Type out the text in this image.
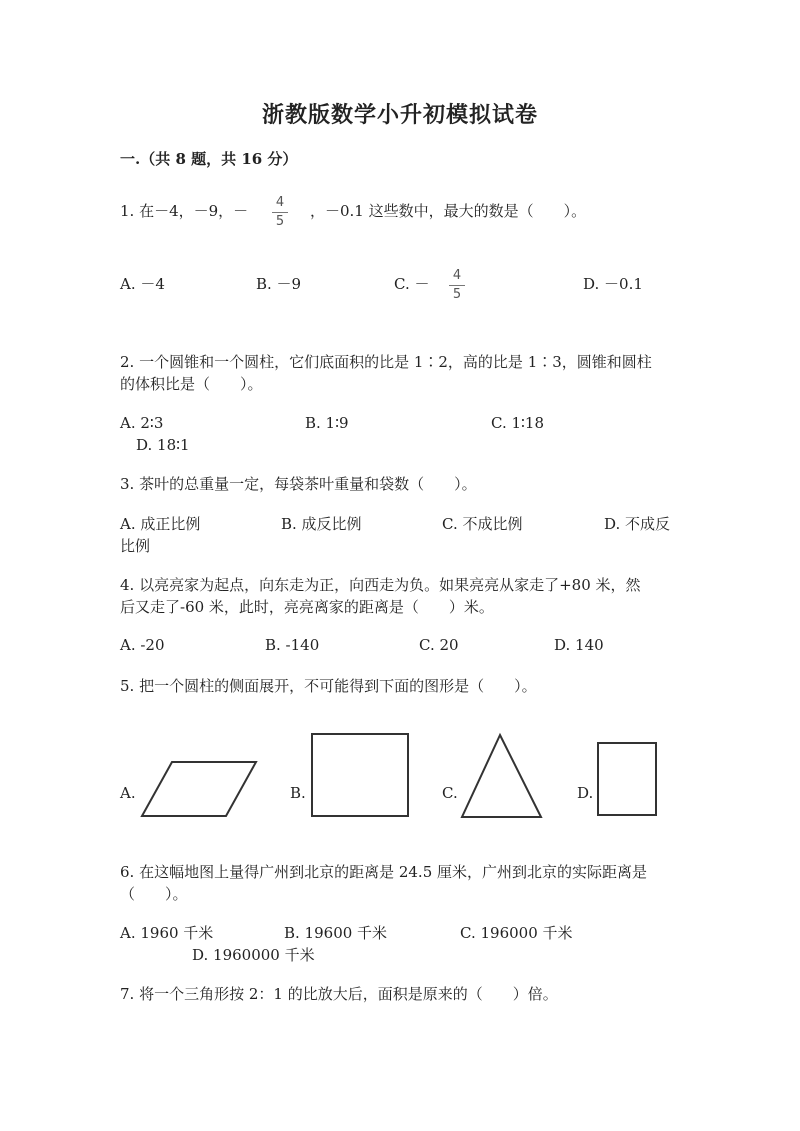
浙教版数学小升初模拟试卷
一.（共 8 题，共 16 分）
1. 在－4，－9，－ 4
5
，－0.1 这些数中，最大的数是（　　）。
A. －4	B. －9	C. － 4
5
D. －0.1
2. 一个圆锥和一个圆柱，它们底面积的比是 1∶2，高的比是 1∶3，圆锥和圆柱
的体积比是（　　）。
A. 2∶3	B. 1∶9	C. 1∶18
D. 18∶1
3. 茶叶的总重量一定，每袋茶叶重量和袋数（　　）。
A. 成正比例	B. 成反比例	C. 不成比例	D. 不成反
比例
4. 以亮亮家为起点，向东走为正，向西走为负。如果亮亮从家走了+80 米，然
后又走了-60 米，此时，亮亮离家的距离是（　　）米。
A. -20	B. -140	C. 20	D. 140
5. 把一个圆柱的侧面展开，不可能得到下面的图形是（　　）。
A.	B.	C.	D.
6. 在这幅地图上量得广州到北京的距离是 24.5 厘米，广州到北京的实际距离是
（　　）。
A. 1960 千米	B. 19600 千米	C. 196000 千米
D. 1960000 千米
7. 将一个三角形按 2：1 的比放大后，面积是原来的（　　）倍。
